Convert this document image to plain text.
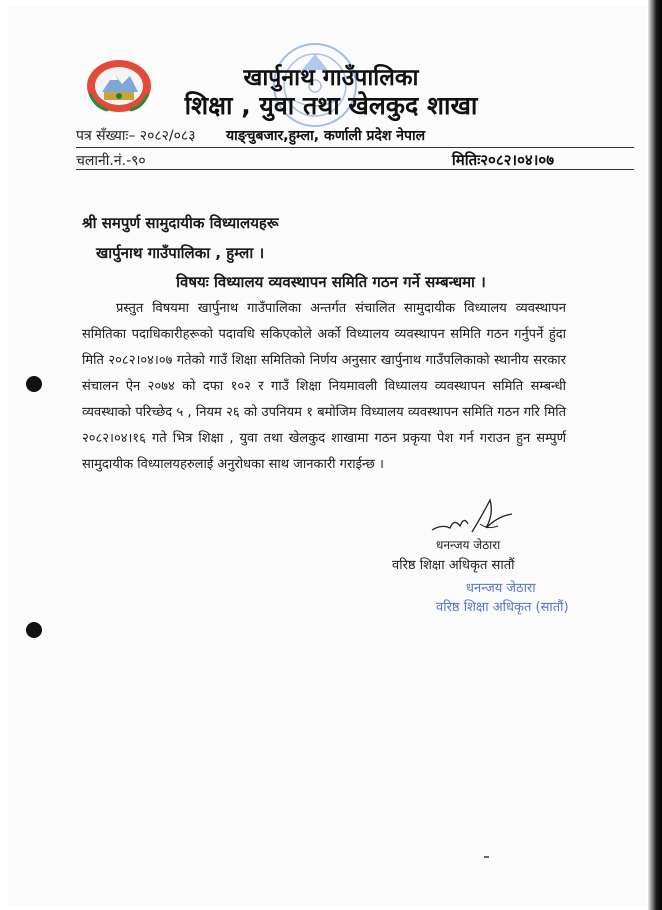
खार्पुनाथ गाउँपालिका
शिक्षा , युवा तथा खेलकुद शाखा
पत्र सँख्याः– २०८२/०८३ याङ्चुबजार,हुम्ला, कर्णाली प्रदेश नेपाल
चलानी.नं.-९०	मितिः२०८२।०४।०७
श्री समपुर्ण सामुदायीक विध्यालयहरू
खार्पुनाथ गाउँपालिका , हुम्ला ।
विषयः विध्यालय व्यवस्थापन समिति गठन गर्ने सम्बन्धमा ।
प्रस्तुत विषयमा खार्पुनाथ गाउँपालिका अन्तर्गत संचालित सामुदायीक विध्यालय व्यवस्थापन समितिका पदाधिकारीहरूको पदावधि सकिएकोले अर्को विध्यालय व्यवस्थापन समिति गठन गर्नुपर्ने हुंदा मिति २०८२।०४।०७ गतेको गाउँ शिक्षा समितिको निर्णय अनुसार खार्पुनाथ गाउँपलिकाको स्थानीय सरकार संचालन ऐन २०७४ को दफा १०२ र गाउँ शिक्षा नियमावली विध्यालय व्यवस्थापन समिति सम्बन्धी व्यवस्थाको परिच्छेद ५ , नियम २६ को उपनियम १ बमोजिम विध्यालय व्यवस्थापन समिति गठन गरि मिति २०८२।०४।१६ गते भित्र शिक्षा , युवा तथा खेलकुद शाखामा गठन प्रकृया पेश गर्न गराउन हुन सम्पुर्ण सामुदायीक विध्यालयहरुलाई अनुरोधका साथ जानकारी गराईन्छ ।
धनन्जय जेठारा
वरिष्ठ शिक्षा अधिकृत सातौं
धनन्जय जेठारा
वरिष्ठ शिक्षा अधिकृत (सातौं)
